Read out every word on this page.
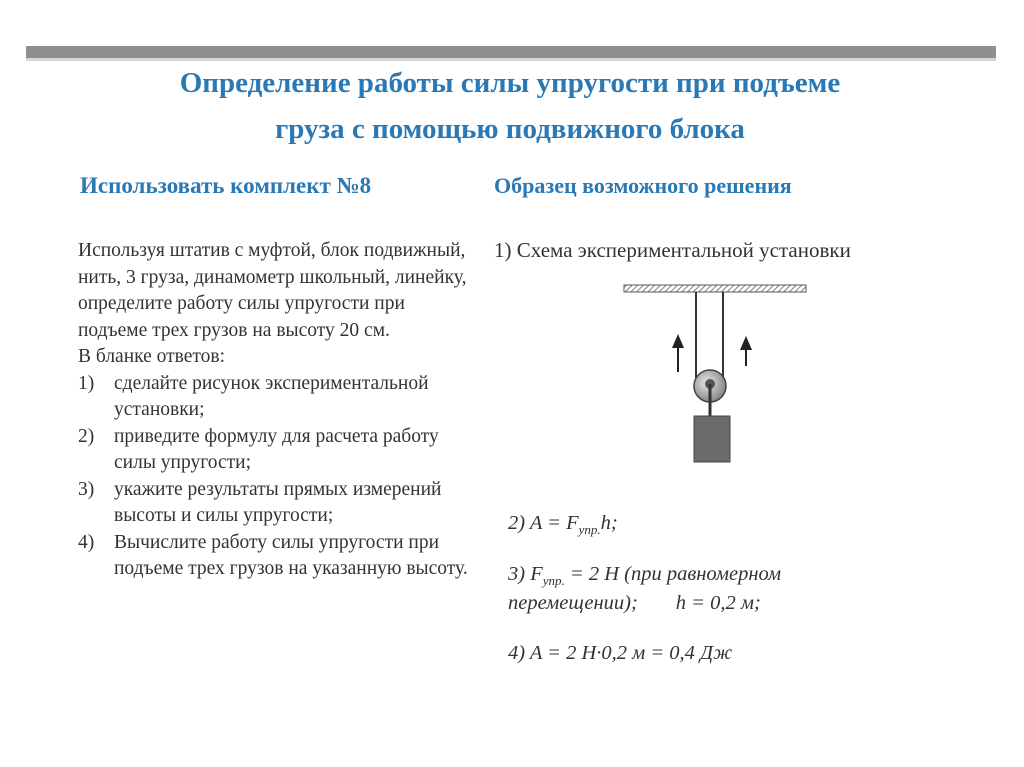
Определение работы силы упругости при подъеме
груза с помощью подвижного блока
Использовать комплект №8	Образец возможного решения

Используя штатив с муфтой, блок подвижный, нить, 3 груза, динамометр школьный, линейку, определите работу силы упругости при подъеме трех грузов на высоту 20 см.

В бланке ответов:

1)	сделайте рисунок экспериментальной установки;
2)	приведите формулу для расчета работу силы упругости;
3)	укажите результаты прямых измерений высоты и силы упругости;
4)	Вычислите работу силы упругости при подъеме трех грузов на указанную высоту.
1) Схема экспериментальной установки
2) $A = F_{упр.}h$;
3) $F_{упр.} = 2$ Н (при равномерном
перемещении); h = 0,2 м;
4) A = 2 Н·0,2 м = 0,4 Дж
